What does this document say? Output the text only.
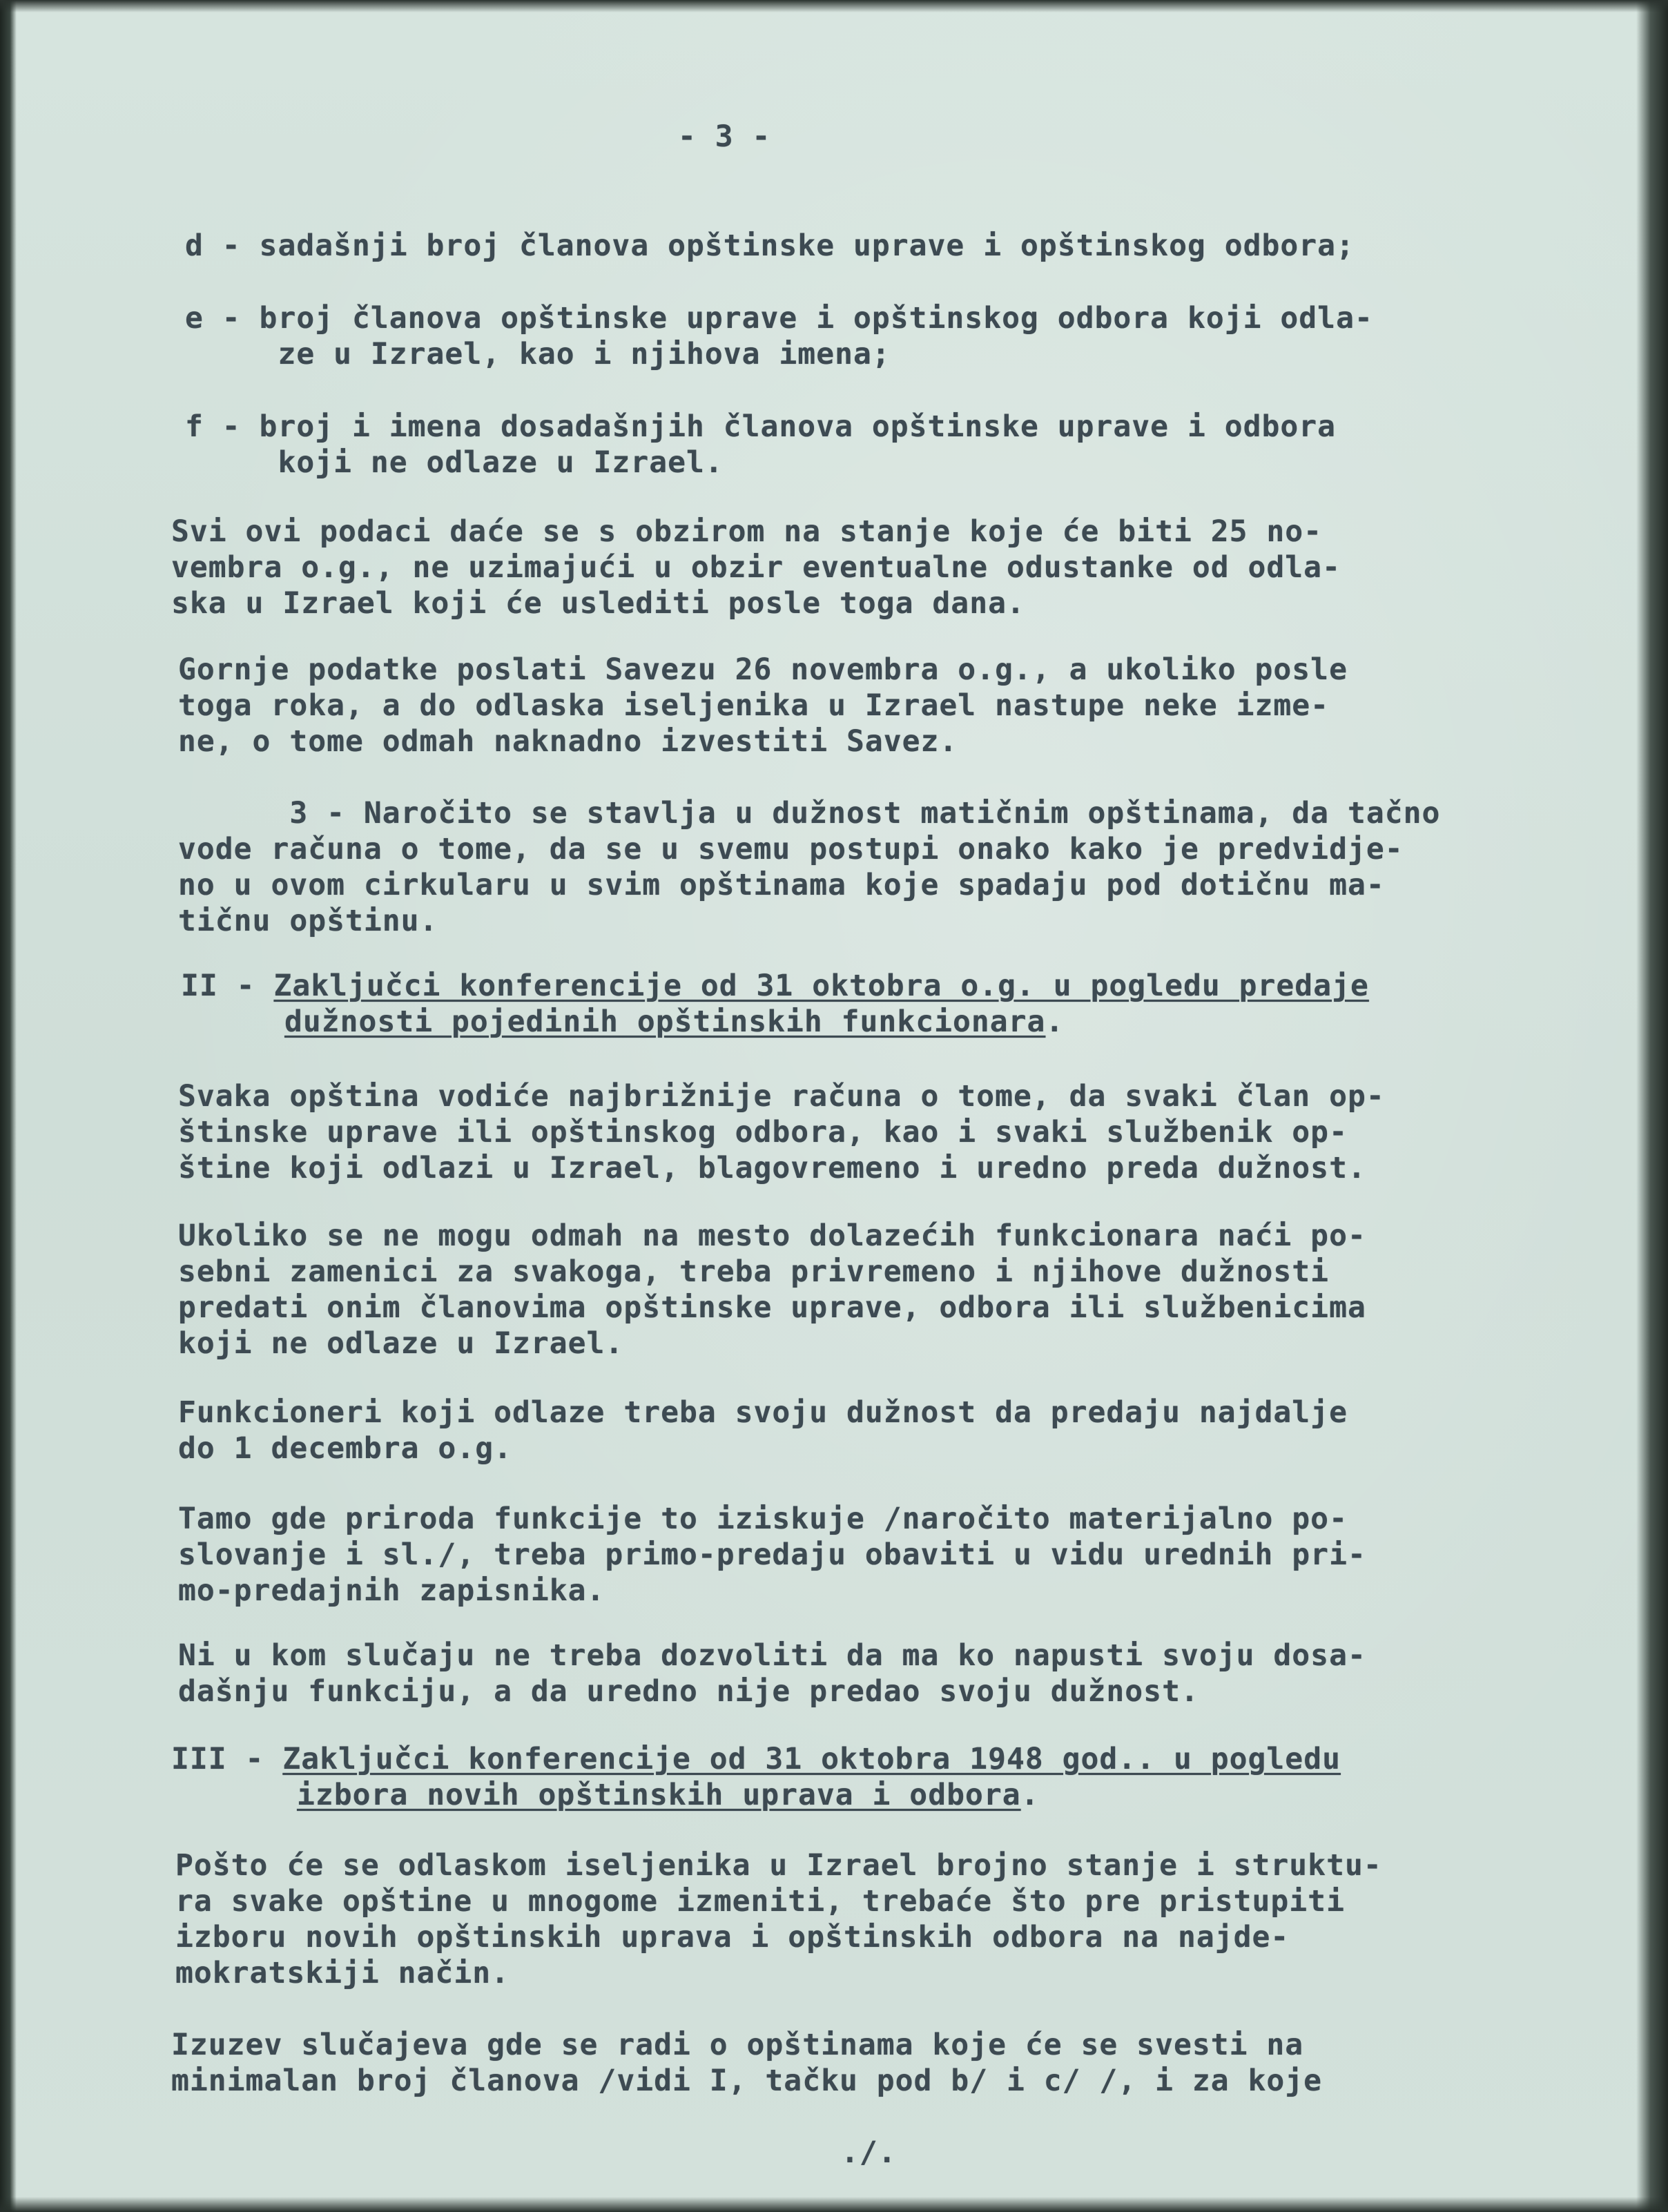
- 3 -
d - sadašnji broj članova opštinske uprave i opštinskog odbora;
e - broj članova opštinske uprave i opštinskog odbora koji odla-
ze u Izrael, kao i njihova imena;
f - broj i imena dosadašnjih članova opštinske uprave i odbora
koji ne odlaze u Izrael.
Svi ovi podaci daće se s obzirom na stanje koje će biti 25 no-
vembra o.g., ne uzimajući u obzir eventualne odustanke od odla-
ska u Izrael koji će uslediti posle toga dana.
Gornje podatke poslati Savezu 26 novembra o.g., a ukoliko posle
toga roka, a do odlaska iseljenika u Izrael nastupe neke izme-
ne, o tome odmah naknadno izvestiti Savez.
3 - Naročito se stavlja u dužnost matičnim opštinama, da tačno
vode računa o tome, da se u svemu postupi onako kako je predvidje-
no u ovom cirkularu u svim opštinama koje spadaju pod dotičnu ma-
tičnu opštinu.
II - Zaključci konferencije od 31 oktobra o.g. u pogledu predaje
dužnosti pojedinih opštinskih funkcionara.
Svaka opština vodiće najbrižnije računa o tome, da svaki član op-
štinske uprave ili opštinskog odbora, kao i svaki službenik op-
štine koji odlazi u Izrael, blagovremeno i uredno preda dužnost.
Ukoliko se ne mogu odmah na mesto dolazećih funkcionara naći po-
sebni zamenici za svakoga, treba privremeno i njihove dužnosti
predati onim članovima opštinske uprave, odbora ili službenicima
koji ne odlaze u Izrael.
Funkcioneri koji odlaze treba svoju dužnost da predaju najdalje
do 1 decembra o.g.
Tamo gde priroda funkcije to iziskuje /naročito materijalno po-
slovanje i sl./, treba primo-predaju obaviti u vidu urednih pri-
mo-predajnih zapisnika.
Ni u kom slučaju ne treba dozvoliti da ma ko napusti svoju dosa-
dašnju funkciju, a da uredno nije predao svoju dužnost.
III - Zaključci konferencije od 31 oktobra 1948 god.. u pogledu
izbora novih opštinskih uprava i odbora.
Pošto će se odlaskom iseljenika u Izrael brojno stanje i struktu-
ra svake opštine u mnogome izmeniti, trebaće što pre pristupiti
izboru novih opštinskih uprava i opštinskih odbora na najde-
mokratskiji način.
Izuzev slučajeva gde se radi o opštinama koje će se svesti na
minimalan broj članova /vidi I, tačku pod b/ i c/ /, i za koje
./.
